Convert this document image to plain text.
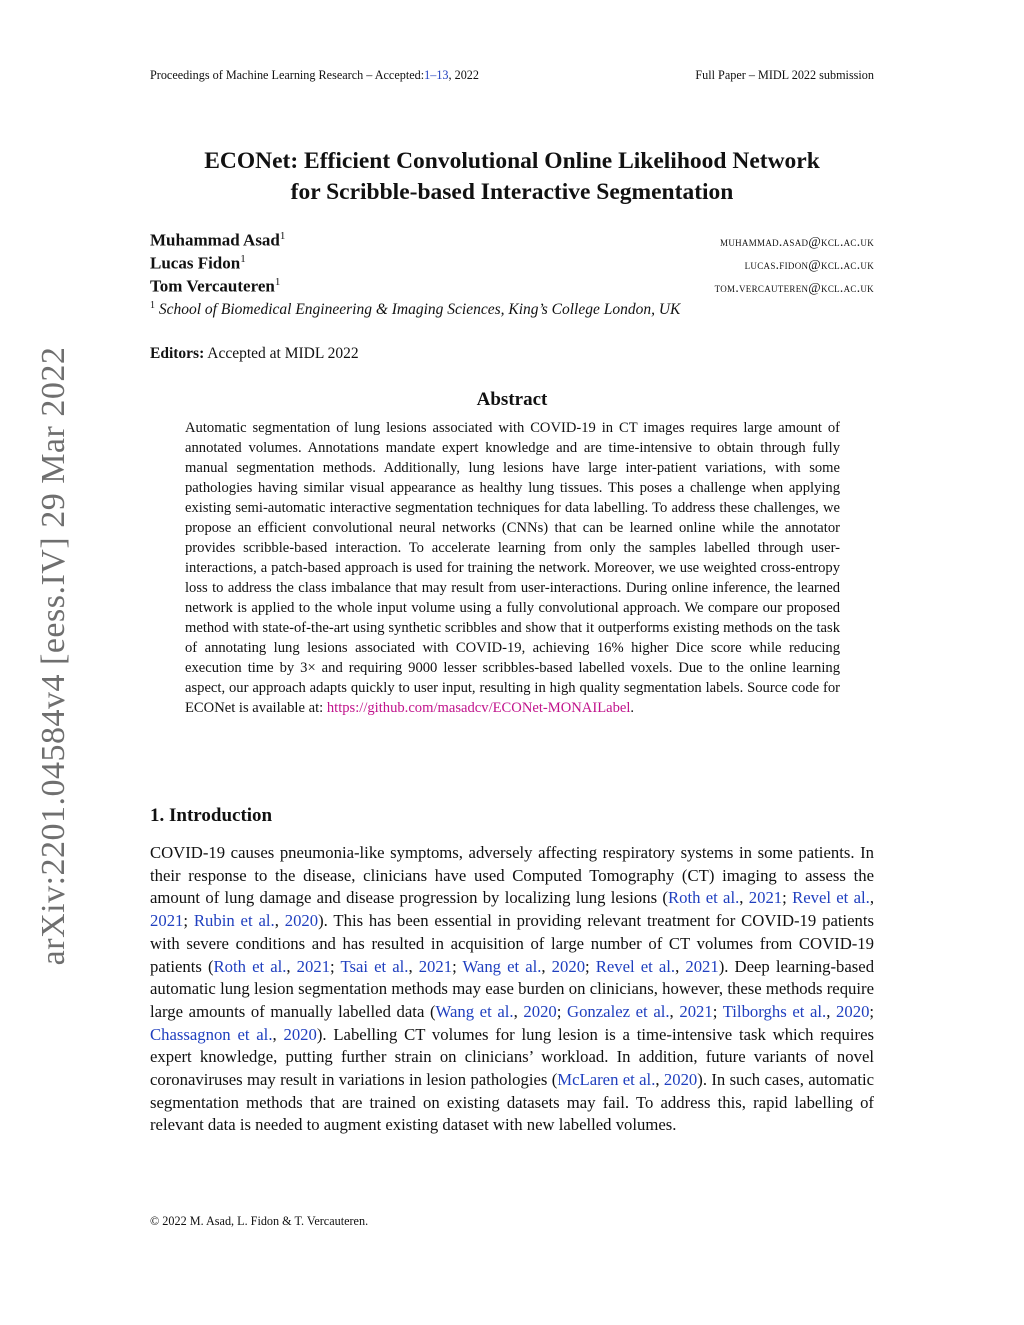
Proceedings of Machine Learning Research – Accepted:1–13, 2022	Full Paper – MIDL 2022 submission
arXiv:2201.04584v4 [eess.IV] 29 Mar 2022
ECONet: Efficient Convolutional Online Likelihood Network
for Scribble-based Interactive Segmentation
Muhammad Asad$^1$	muhammad.asad@kcl.ac.uk
Lucas Fidon$^1$	lucas.fidon@kcl.ac.uk
Tom Vercauteren$^1$	tom.vercauteren@kcl.ac.uk
$^1$ School of Biomedical Engineering & Imaging Sciences, King’s College London, UK
Editors: Accepted at MIDL 2022
Abstract
Automatic segmentation of lung lesions associated with COVID-19 in CT images requires large amount of annotated volumes. Annotations mandate expert knowledge and are time-intensive to obtain through fully manual segmentation methods. Additionally, lung lesions have large inter-patient variations, with some pathologies having similar visual appearance as healthy lung tissues. This poses a challenge when applying existing semi-automatic interactive segmentation techniques for data labelling. To address these challenges, we propose an efficient convolutional neural networks (CNNs) that can be learned online while the annotator provides scribble-based interaction. To accelerate learning from only the samples labelled through user-interactions, a patch-based approach is used for training the network. Moreover, we use weighted cross-entropy loss to address the class imbalance that may result from user-interactions. During online inference, the learned network is applied to the whole input volume using a fully convolutional approach. We compare our proposed method with state-of-the-art using synthetic scribbles and show that it outperforms existing methods on the task of annotating lung lesions associated with COVID-19, achieving 16% higher Dice score while reducing execution time by 3× and requiring 9000 lesser scribbles-based labelled voxels. Due to the online learning aspect, our approach adapts quickly to user input, resulting in high quality segmentation labels. Source code for ECONet is available at: https://github.com/masadcv/ECONet-MONAILabel.
1. Introduction
COVID-19 causes pneumonia-like symptoms, adversely affecting respiratory systems in some patients. In their response to the disease, clinicians have used Computed Tomography (CT) imaging to assess the amount of lung damage and disease progression by localizing lung lesions (Roth et al., 2021; Revel et al., 2021; Rubin et al., 2020). This has been essential in providing relevant treatment for COVID-19 patients with severe conditions and has resulted in acquisition of large number of CT volumes from COVID-19 patients (Roth et al., 2021; Tsai et al., 2021; Wang et al., 2020; Revel et al., 2021). Deep learning-based automatic lung lesion segmentation methods may ease burden on clinicians, however, these methods require large amounts of manually labelled data (Wang et al., 2020; Gonzalez et al., 2021; Tilborghs et al., 2020; Chassagnon et al., 2020). Labelling CT volumes for lung lesion is a time-intensive task which requires expert knowledge, putting further strain on clinicians’ workload. In addition, future variants of novel coronaviruses may result in variations in lesion pathologies (McLaren et al., 2020). In such cases, automatic segmentation methods that are trained on existing datasets may fail. To address this, rapid labelling of relevant data is needed to augment existing dataset with new labelled volumes.
© 2022 M. Asad, L. Fidon & T. Vercauteren.
